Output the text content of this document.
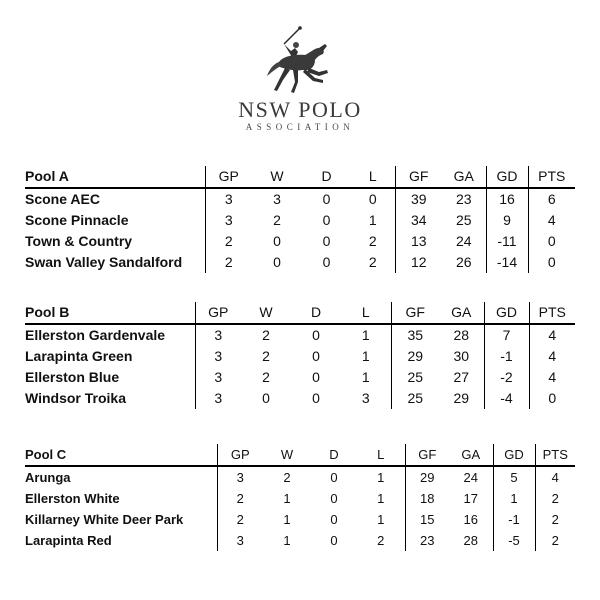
NSW POLO
ASSOCIATION
Pool A	GP	W	D	L	GF	GA	GD	PTS
Scone AEC	3	3	0	0	39	23	16	6
Scone Pinnacle	3	2	0	1	34	25	9	4
Town & Country	2	0	0	2	13	24	-11	0
Swan Valley Sandalford	2	0	0	2	12	26	-14	0
Pool B	GP	W	D	L	GF	GA	GD	PTS
Ellerston Gardenvale	3	2	0	1	35	28	7	4
Larapinta Green	3	2	0	1	29	30	-1	4
Ellerston Blue	3	2	0	1	25	27	-2	4
Windsor Troika	3	0	0	3	25	29	-4	0
Pool C	GP	W	D	L	GF	GA	GD	PTS
Arunga	3	2	0	1	29	24	5	4
Ellerston White	2	1	0	1	18	17	1	2
Killarney White Deer Park	2	1	0	1	15	16	-1	2
Larapinta Red	3	1	0	2	23	28	-5	2
